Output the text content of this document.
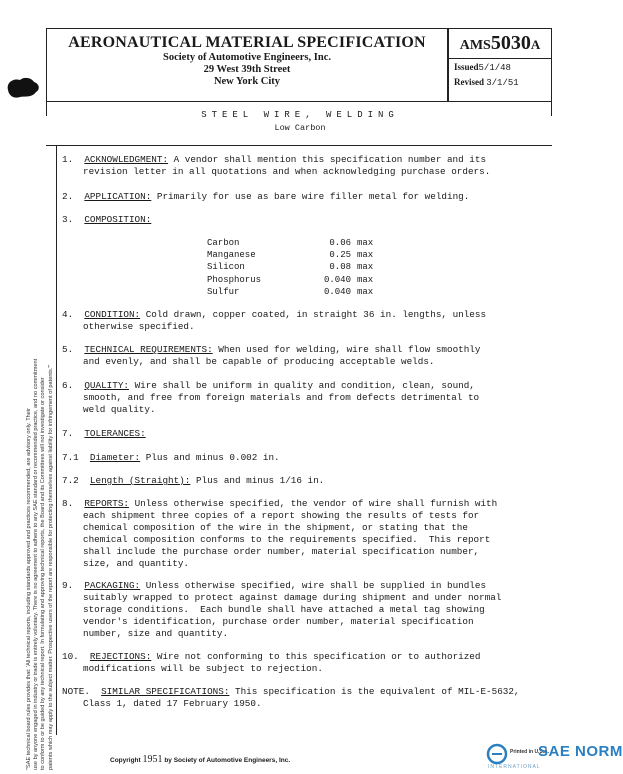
AERONAUTICAL MATERIAL SPECIFICATION
Society of Automotive Engineers, Inc.
29 West 39th Street
New York City
AMS5030A
Issued5/1/48
Revised 3/1/51
STEEL WIRE, WELDING
Low Carbon
1. ACKNOWLEDGMENT: A vendor shall mention this specification number and its
revision letter in all quotations and when acknowledging purchase orders.
2. APPLICATION: Primarily for use as bare wire filler metal for welding.
3. COMPOSITION:
Carbon	0.06	max
Manganese	0.25	max
Silicon	0.08	max
Phosphorus	0.040	max
Sulfur	0.040	max
4. CONDITION: Cold drawn, copper coated, in straight 36 in. lengths, unless
otherwise specified.
5. TECHNICAL REQUIREMENTS: When used for welding, wire shall flow smoothly
and evenly, and shall be capable of producing acceptable welds.
6. QUALITY: Wire shall be uniform in quality and condition, clean, sound,
smooth, and free from foreign materials and from defects detrimental to
weld quality.
7. TOLERANCES:
7.1 Diameter: Plus and minus 0.002 in.
7.2 Length (Straight): Plus and minus 1/16 in.
8. REPORTS: Unless otherwise specified, the vendor of wire shall furnish with
each shipment three copies of a report showing the results of tests for
chemical composition of the wire in the shipment, or stating that the
chemical composition conforms to the requirements specified.  This report
shall include the purchase order number, material specification number,
size, and quantity.
9. PACKAGING: Unless otherwise specified, wire shall be supplied in bundles
suitably wrapped to protect against damage during shipment and under normal
storage conditions.  Each bundle shall have attached a metal tag showing
vendor's identification, purchase order number, material specification
number, size and quantity.
10. REJECTIONS: Wire not conforming to this specification or to authorized
modifications will be subject to rejection.
NOTE. SIMILAR SPECIFICATIONS: This specification is the equivalent of MIL-E-5632,
Class 1, dated 17 February 1950.
"SAE technical board rules provides that: 'All technical reports, including standards approved and practices recommended, are advisory only. Their use by anyone engaged in industry or trade is entirely voluntary. There is no agreement to adhere to any SAE standard or recommended practice, and no commitment to conform to or be guided by any technical report. In formulating and approving technical reports, the Board and its Committees will not investigate or consider patents which may apply to the subject matter. Prospective users of the report are responsible for protecting themselves against liability for infringement of patents.'"	Copyright 1951 by Society of Automotive Engineers, Inc.
Printed in U.S.A.
SAE NORM
INTERNATIONAL
